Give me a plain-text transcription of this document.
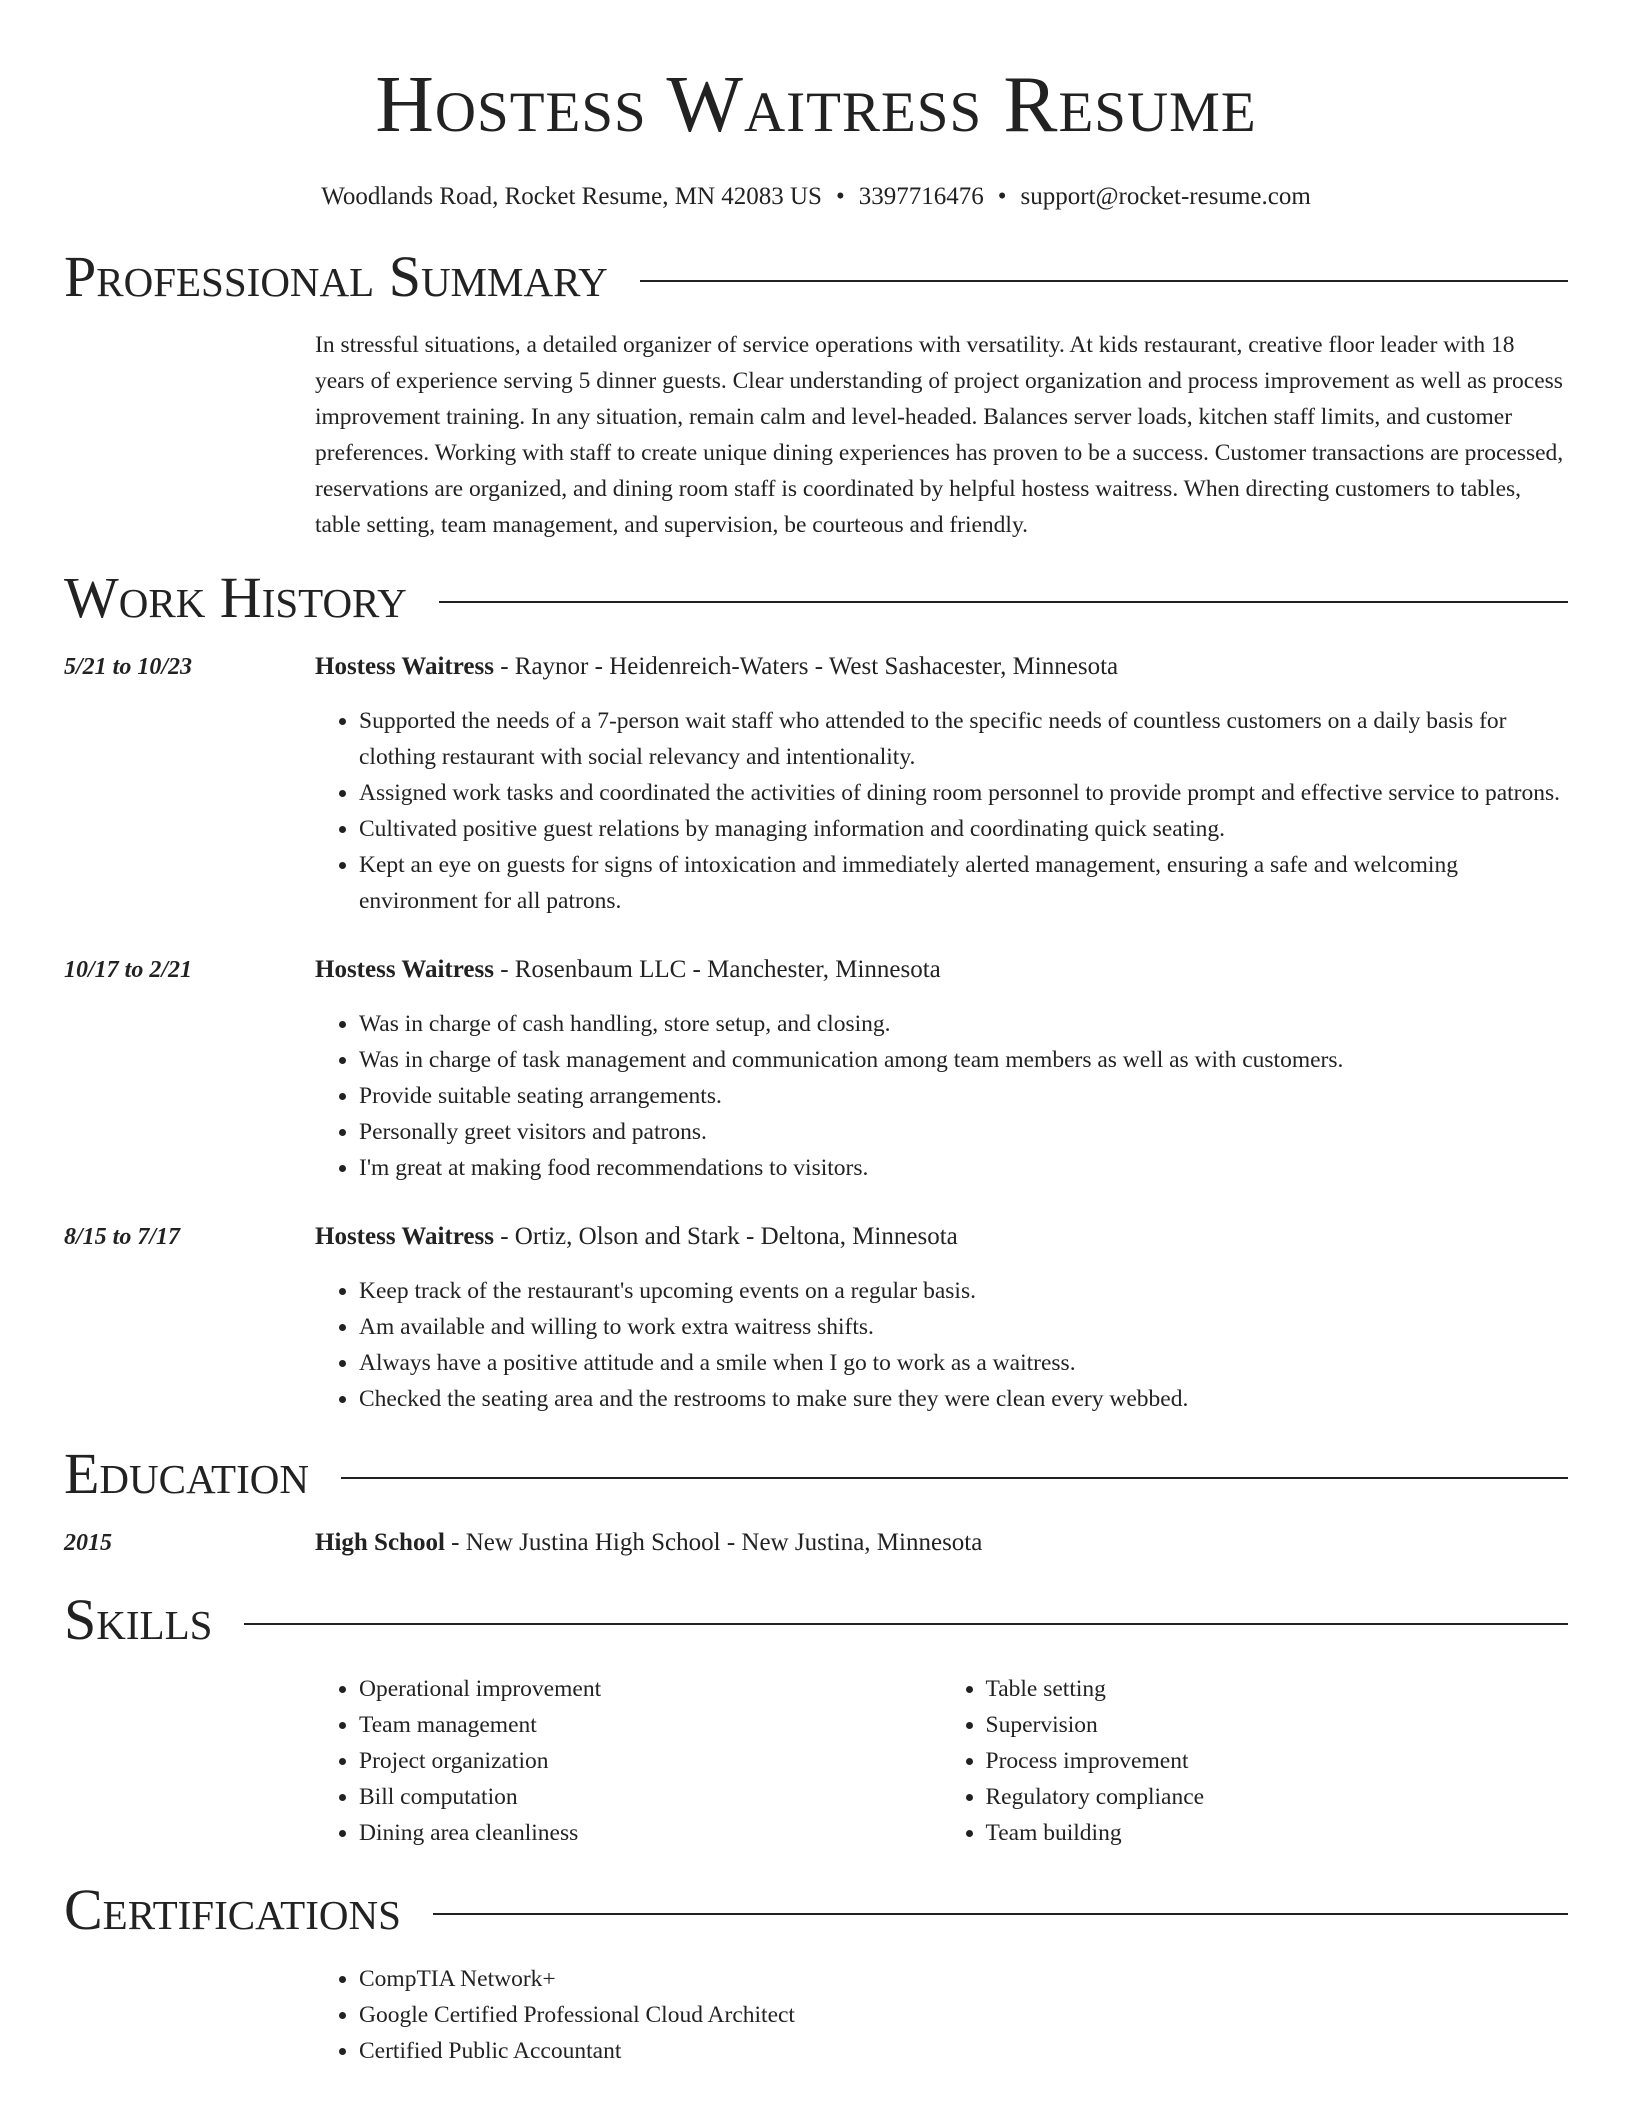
Hostess Waitress Resume
Woodlands Road, Rocket Resume, MN 42083 US • 3397716476 • support@rocket-resume.com
Professional Summary
In stressful situations, a detailed organizer of service operations with versatility. At kids restaurant, creative floor leader with 18 years of experience serving 5 dinner guests. Clear understanding of project organization and process improvement as well as process improvement training. In any situation, remain calm and level-headed. Balances server loads, kitchen staff limits, and customer preferences. Working with staff to create unique dining experiences has proven to be a success. Customer transactions are processed, reservations are organized, and dining room staff is coordinated by helpful hostess waitress. When directing customers to tables, table setting, team management, and supervision, be courteous and friendly.
Work History
5/21 to 10/23	Hostess Waitress - Raynor - Heidenreich-Waters - West Sashacester, Minnesota
• Supported the needs of a 7-person wait staff who attended to the specific needs of countless customers on a daily basis for clothing restaurant with social relevancy and intentionality.
• Assigned work tasks and coordinated the activities of dining room personnel to provide prompt and effective service to patrons.
• Cultivated positive guest relations by managing information and coordinating quick seating.
• Kept an eye on guests for signs of intoxication and immediately alerted management, ensuring a safe and welcoming environment for all patrons.
10/17 to 2/21	Hostess Waitress - Rosenbaum LLC - Manchester, Minnesota
• Was in charge of cash handling, store setup, and closing.
• Was in charge of task management and communication among team members as well as with customers.
• Provide suitable seating arrangements.
• Personally greet visitors and patrons.
• I'm great at making food recommendations to visitors.
8/15 to 7/17	Hostess Waitress - Ortiz, Olson and Stark - Deltona, Minnesota
• Keep track of the restaurant's upcoming events on a regular basis.
• Am available and willing to work extra waitress shifts.
• Always have a positive attitude and a smile when I go to work as a waitress.
• Checked the seating area and the restrooms to make sure they were clean every webbed.
Education
2015	High School - New Justina High School - New Justina, Minnesota
Skills
• Operational improvement
• Team management
• Project organization
• Bill computation
• Dining area cleanliness
• Table setting
• Supervision
• Process improvement
• Regulatory compliance
• Team building
Certifications
• CompTIA Network+
• Google Certified Professional Cloud Architect
• Certified Public Accountant
